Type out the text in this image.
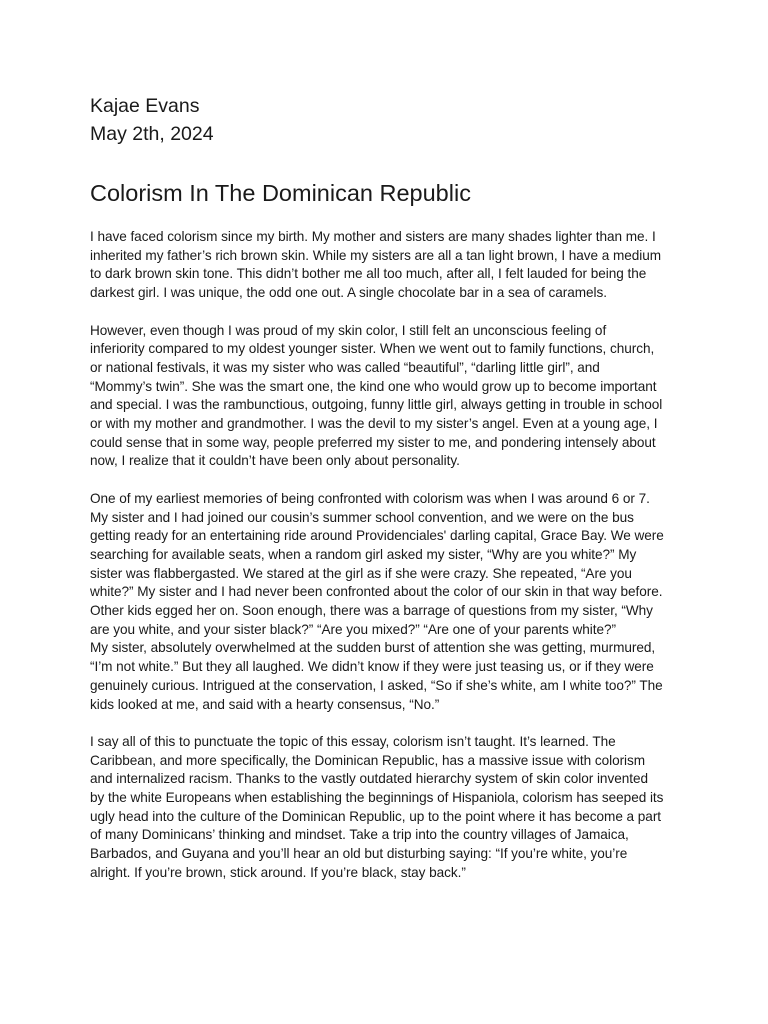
Kajae Evans

May 2th, 2024

Colorism In The Dominican Republic

I have faced colorism since my birth. My mother and sisters are many shades lighter than me. I
inherited my father’s rich brown skin. While my sisters are all a tan light brown, I have a medium
to dark brown skin tone. This didn’t bother me all too much, after all, I felt lauded for being the
darkest girl. I was unique, the odd one out. A single chocolate bar in a sea of caramels.

However, even though I was proud of my skin color, I still felt an unconscious feeling of
inferiority compared to my oldest younger sister. When we went out to family functions, church,
or national festivals, it was my sister who was called “beautiful”, “darling little girl”, and
“Mommy’s twin”. She was the smart one, the kind one who would grow up to become important
and special. I was the rambunctious, outgoing, funny little girl, always getting in trouble in school
or with my mother and grandmother. I was the devil to my sister’s angel. Even at a young age, I
could sense that in some way, people preferred my sister to me, and pondering intensely about
now, I realize that it couldn’t have been only about personality.

One of my earliest memories of being confronted with colorism was when I was around 6 or 7.
My sister and I had joined our cousin’s summer school convention, and we were on the bus
getting ready for an entertaining ride around Providenciales' darling capital, Grace Bay. We were
searching for available seats, when a random girl asked my sister, “Why are you white?” My
sister was flabbergasted. We stared at the girl as if she were crazy. She repeated, “Are you
white?” My sister and I had never been confronted about the color of our skin in that way before.
Other kids egged her on. Soon enough, there was a barrage of questions from my sister, “Why
are you white, and your sister black?” “Are you mixed?” “Are one of your parents white?”
My sister, absolutely overwhelmed at the sudden burst of attention she was getting, murmured,
“I’m not white.” But they all laughed. We didn’t know if they were just teasing us, or if they were
genuinely curious. Intrigued at the conservation, I asked, “So if she’s white, am I white too?” The
kids looked at me, and said with a hearty consensus, “No.”

I say all of this to punctuate the topic of this essay, colorism isn’t taught. It’s learned. The
Caribbean, and more specifically, the Dominican Republic, has a massive issue with colorism
and internalized racism. Thanks to the vastly outdated hierarchy system of skin color invented
by the white Europeans when establishing the beginnings of Hispaniola, colorism has seeped its
ugly head into the culture of the Dominican Republic, up to the point where it has become a part
of many Dominicans’ thinking and mindset. Take a trip into the country villages of Jamaica,
Barbados, and Guyana and you’ll hear an old but disturbing saying: “If you’re white, you’re
alright. If you’re brown, stick around. If you’re black, stay back.”
